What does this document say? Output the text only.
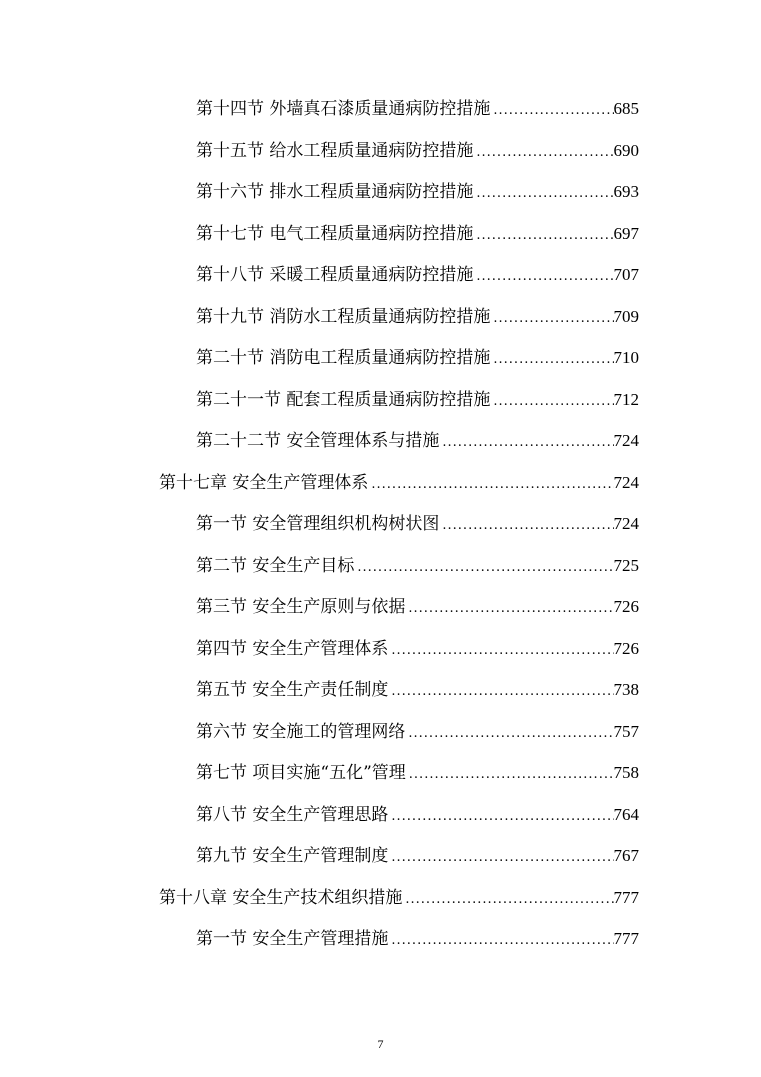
第十四节 外墙真石漆质量通病防控措施 .....	685
第十五节 给水工程质量通病防控措施 .....	690
第十六节 排水工程质量通病防控措施 .....	693
第十七节 电气工程质量通病防控措施 .....	697
第十八节 采暖工程质量通病防控措施 .....	707
第十九节 消防水工程质量通病防控措施 .....	709
第二十节 消防电工程质量通病防控措施 .....	710
第二十一节 配套工程质量通病防控措施 .....	712
第二十二节 安全管理体系与措施 .....	724
第十七章 安全生产管理体系 .....	724
第一节 安全管理组织机构树状图 .....	724
第二节 安全生产目标 .....	725
第三节 安全生产原则与依据 .....	726
第四节 安全生产管理体系 .....	726
第五节 安全生产责任制度 .....	738
第六节 安全施工的管理网络 .....	757
第七节 项目实施“五化”管理 .....	758
第八节 安全生产管理思路 .....	764
第九节 安全生产管理制度 .....	767
第十八章 安全生产技术组织措施 .....	777
第一节 安全生产管理措施 .....	777
7
